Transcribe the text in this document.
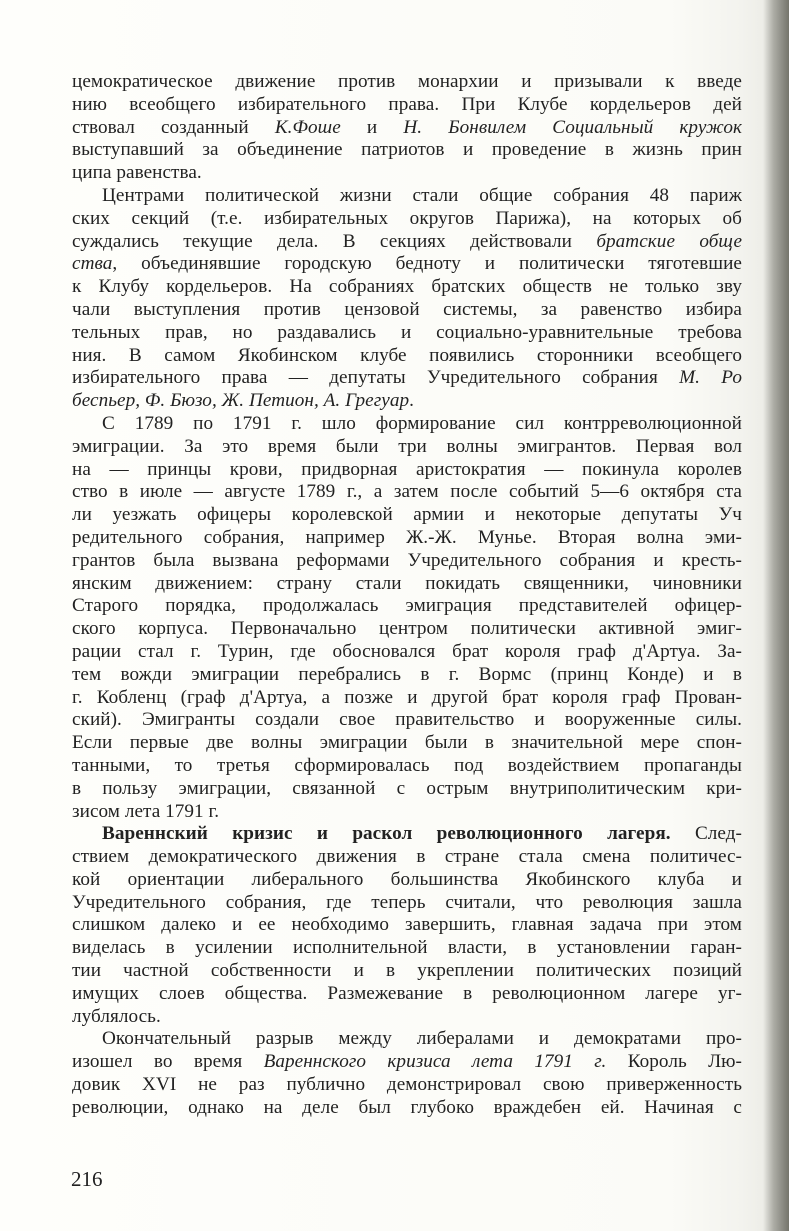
цемократическое движение против монархии и призывали к введе
нию всеобщего избирательного права. При Клубе кордельеров дей
ствовал созданный К.Фоше и Н. Бонвилем Социальный кружок
выступавший за объединение патриотов и проведение в жизнь прин
ципа равенства.
Центрами политической жизни стали общие собрания 48 париж
ских секций (т.е. избирательных округов Парижа), на которых об
суждались текущие дела. В секциях действовали братские обще
ства, объединявшие городскую бедноту и политически тяготевшие
к Клубу кордельеров. На собраниях братских обществ не только зву
чали выступления против цензовой системы, за равенство избира
тельных прав, но раздавались и социально-уравнительные требова
ния. В самом Якобинском клубе появились сторонники всеобщего
избирательного права — депутаты Учредительного собрания М. Ро
беспьер, Ф. Бюзо, Ж. Петион, А. Грегуар.
С 1789 по 1791 г. шло формирование сил контрреволюционной
эмиграции. За это время были три волны эмигрантов. Первая вол
на — принцы крови, придворная аристократия — покинула королев
ство в июле — августе 1789 г., а затем после событий 5—6 октября ста
ли уезжать офицеры королевской армии и некоторые депутаты Уч
редительного собрания, например Ж.-Ж. Мунье. Вторая волна эми-
грантов была вызвана реформами Учредительного собрания и кресть-
янским движением: страну стали покидать священники, чиновники
Старого порядка, продолжалась эмиграция представителей офицер-
ского корпуса. Первоначально центром политически активной эмиг-
рации стал г. Турин, где обосновался брат короля граф д'Артуа. За-
тем вожди эмиграции перебрались в г. Вормс (принц Конде) и в
г. Кобленц (граф д'Артуа, а позже и другой брат короля граф Прован-
ский). Эмигранты создали свое правительство и вооруженные силы.
Если первые две волны эмиграции были в значительной мере спон-
танными, то третья сформировалась под воздействием пропаганды
в пользу эмиграции, связанной с острым внутриполитическим кри-
зисом лета 1791 г.
Вареннский кризис и раскол революционного лагеря. След-
ствием демократического движения в стране стала смена политичес-
кой ориентации либерального большинства Якобинского клуба и
Учредительного собрания, где теперь считали, что революция зашла
слишком далеко и ее необходимо завершить, главная задача при этом
виделась в усилении исполнительной власти, в установлении гаран-
тии частной собственности и в укреплении политических позиций
имущих слоев общества. Размежевание в революционном лагере уг-
лублялось.
Окончательный разрыв между либералами и демократами про-
изошел во время Вареннского кризиса лета 1791 г. Король Лю-
довик XVI не раз публично демонстрировал свою приверженность
революции, однако на деле был глубоко враждебен ей. Начиная с
216
